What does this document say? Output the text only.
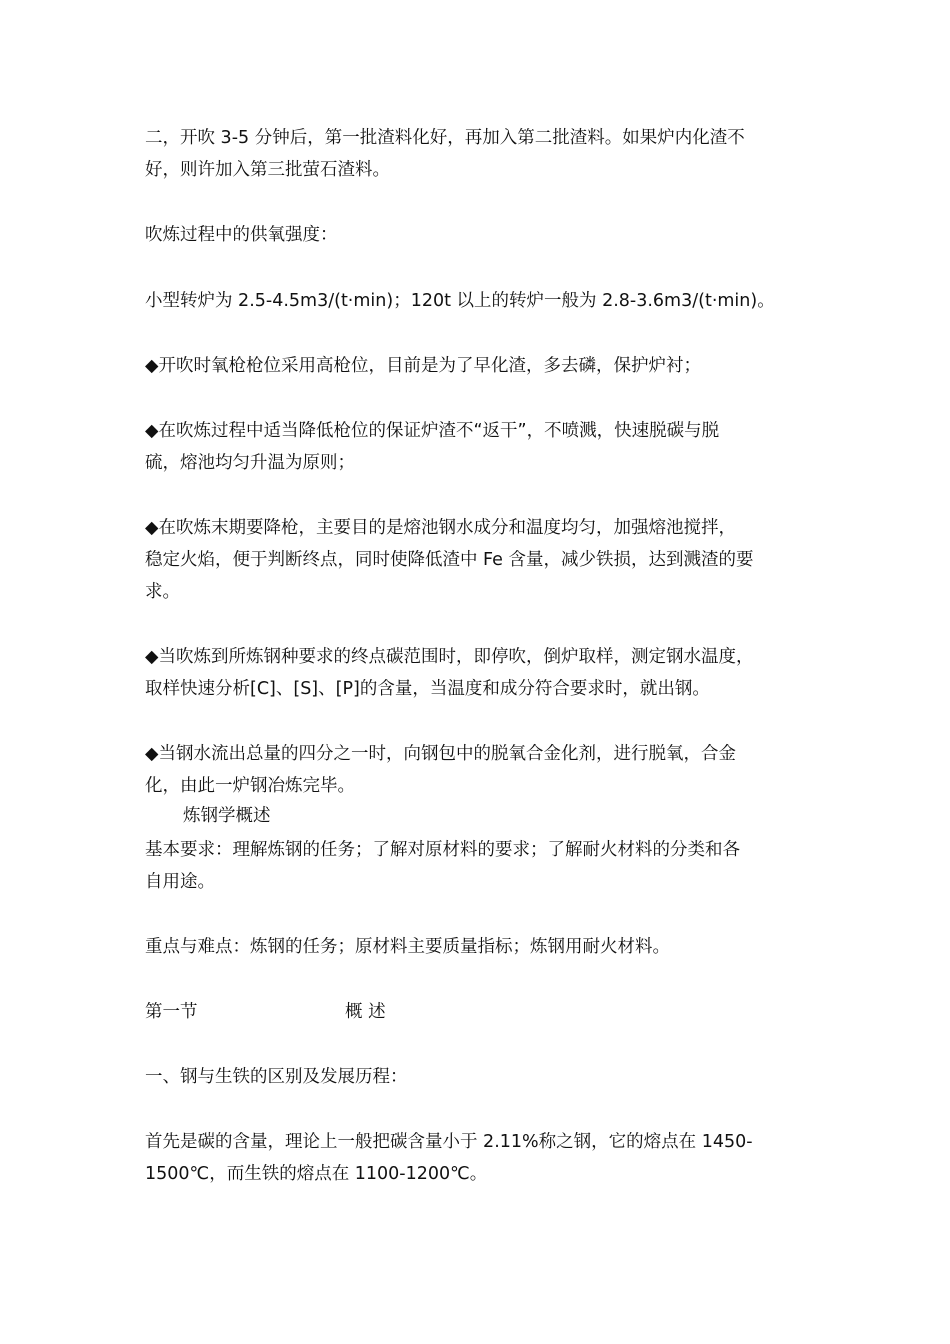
二，开吹 3-5 分钟后，第一批渣料化好，再加入第二批渣料。如果炉内化渣不

好，则许加入第三批萤石渣料。

吹炼过程中的供氧强度：

小型转炉为 2.5-4.5m3/(t·min)；120t 以上的转炉一般为 2.8-3.6m3/(t·min)。

◆开吹时氧枪枪位采用高枪位，目前是为了早化渣，多去磷，保护炉衬；

◆在吹炼过程中适当降低枪位的保证炉渣不“返干”，不喷溅，快速脱碳与脱

硫，熔池均匀升温为原则；

◆在吹炼末期要降枪，主要目的是熔池钢水成分和温度均匀，加强熔池搅拌，

稳定火焰，便于判断终点，同时使降低渣中 Fe 含量，减少铁损，达到溅渣的要

求。

◆当吹炼到所炼钢种要求的终点碳范围时，即停吹，倒炉取样，测定钢水温度，

取样快速分析[C]、[S]、[P]的含量，当温度和成分符合要求时，就出钢。

◆当钢水流出总量的四分之一时，向钢包中的脱氧合金化剂，进行脱氧，合金

化，由此一炉钢冶炼完毕。

炼钢学概述

基本要求：理解炼钢的任务；了解对原材料的要求；了解耐火材料的分类和各

自用途。

重点与难点：炼钢的任务；原材料主要质量指标；炼钢用耐火材料。

第一节	概 述

一、钢与生铁的区别及发展历程：

首先是碳的含量，理论上一般把碳含量小于 2.11%称之钢，它的熔点在 1450-

1500℃，而生铁的熔点在 1100-1200℃。
